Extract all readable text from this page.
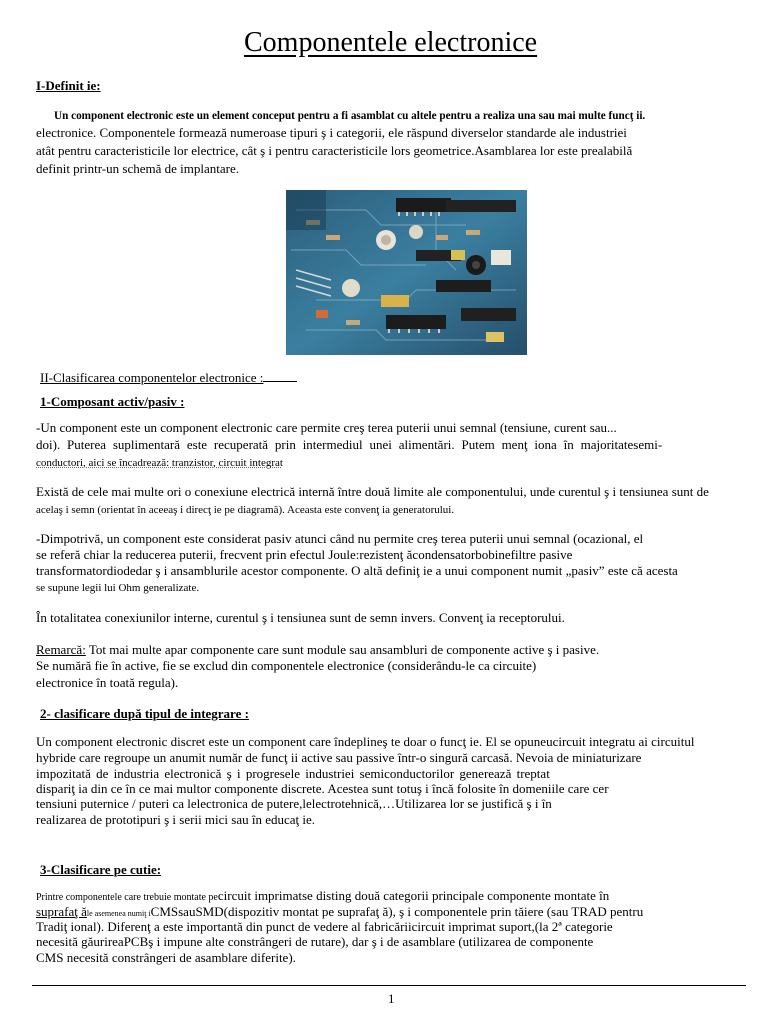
Componentele electronice
I-Definit ie:
Un component electronic este un element conceput pentru a fi asamblat cu altele pentru a realiza una sau mai multe funcţ ii.
electronice. Componentele formează numeroase tipuri ş i categorii, ele răspund diverselor standarde ale industriei
atât pentru caracteristicile lor electrice, cât ş i pentru caracteristicile lors geometrice.Asamblarea lor este prealabilă
definit printr-un schemă de implantare.
II-Clasificarea componentelor electronice :
1-Composant activ/pasiv :
-Un component este un component electronic care permite creş terea puterii unui semnal (tensiune, curent sau...
doi). Puterea suplimentară este recuperată prin intermediul unei alimentări. Putem menţ iona în majoritatesemi-
conductori, aici se încadrează: tranzistor, circuit integrat
Există de cele mai multe ori o conexiune electrică internă între două limite ale componentului, unde curentul ş i tensiunea sunt de
acelaş i semn (orientat în aceeaş i direcţ ie pe diagramă). Aceasta este convenţ ia generatorului.
-Dimpotrivă, un component este considerat pasiv atunci când nu permite creş terea puterii unui semnal (ocazional, el
se referă chiar la reducerea puterii, frecvent prin efectul Joule:rezistenţ ăcondensatorbobinefiltre pasive
transformatordiodedar ş i ansamblurile acestor componente. O altă definiţ ie a unui component numit „pasiv” este că acesta
se supune legii lui Ohm generalizate.
În totalitatea conexiunilor interne, curentul ş i tensiunea sunt de semn invers. Convenţ ia receptorului.
Remarcă: Tot mai multe apar componente care sunt module sau ansambluri de componente active ş i pasive.
Se numără fie în active, fie se exclud din componentele electronice (considerându-le ca circuite)
electronice în toată regula).
2- clasificare după tipul de integrare :
Un component electronic discret este un component care îndeplineş te doar o funcţ ie. El se opuneucircuit integratu ai circuitul
hybride care regroupe un anumit număr de funcţ ii active sau passive într-o singură carcasă. Nevoia de miniaturizare
impozitată de industria electronică ş i progresele industriei semiconductorilor generează treptat
dispariţ ia din ce în ce mai multor componente discrete. Acestea sunt totuş i încă folosite în domeniile care cer
tensiuni puternice / puteri ca lelectronica de putere,lelectrotehnică,…Utilizarea lor se justifică ş i în
realizarea de prototipuri ş i serii mici sau în educaţ ie.
3-Clasificare pe cutie:
Printre componentele care trebuie montate pecircuit imprimatse disting două categorii principale componente montate în
suprafaţ ăle asemenea numiţ iCMSsauSMD(dispozitiv montat pe suprafaţ ă), ş i componentele prin tăiere (sau TRAD pentru
Tradiţ ional). Diferenţ a este importantă din punct de vedere al fabricăriicircuit imprimat suport,(la 2ª categorie
necesită găurireaPCBş i impune alte constrângeri de rutare), dar ş i de asamblare (utilizarea de componente
CMS necesită constrângeri de asamblare diferite).
1
